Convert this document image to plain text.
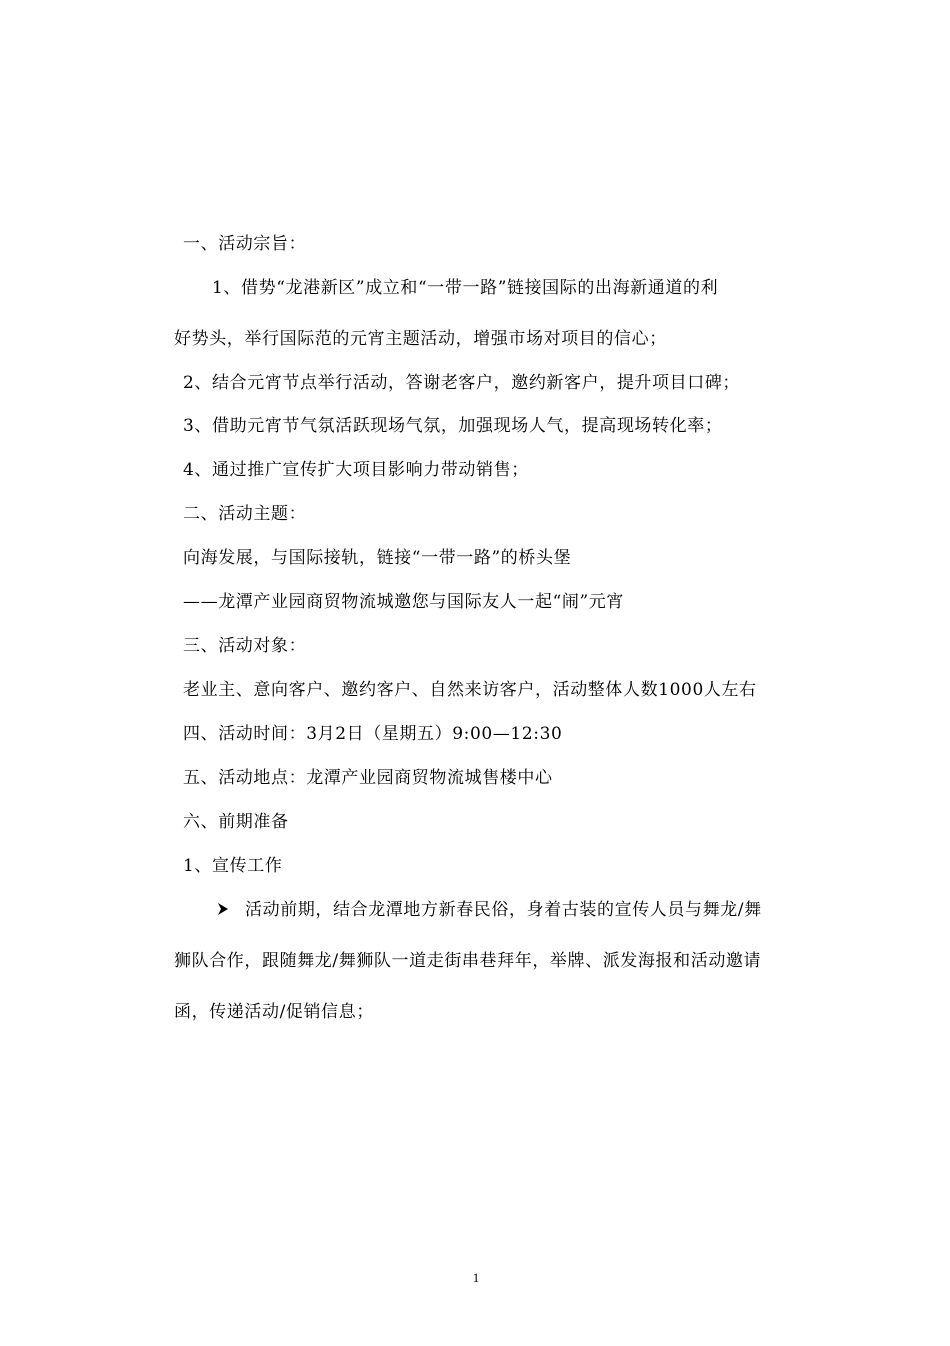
一、活动宗旨：
1、借势“龙港新区”成立和“一带一路”链接国际的出海新通道的利
好势头，举行国际范的元宵主题活动，增强市场对项目的信心；
2、结合元宵节点举行活动，答谢老客户，邀约新客户，提升项目口碑；
3、借助元宵节气氛活跃现场气氛，加强现场人气，提高现场转化率；
4、通过推广宣传扩大项目影响力带动销售；
二、活动主题：
向海发展，与国际接轨，链接“一带一路”的桥头堡
——龙潭产业园商贸物流城邀您与国际友人一起“闹”元宵
三、活动对象：
老业主、意向客户、邀约客户、自然来访客户，活动整体人数1000人左右
四、活动时间：3月2日（星期五）9:00—12:30
五、活动地点：龙潭产业园商贸物流城售楼中心
六、前期准备
1、宣传工作
活动前期，结合龙潭地方新春民俗，身着古装的宣传人员与舞龙/舞
狮队合作，跟随舞龙/舞狮队一道走街串巷拜年，举牌、派发海报和活动邀请
函，传递活动/促销信息；
1
